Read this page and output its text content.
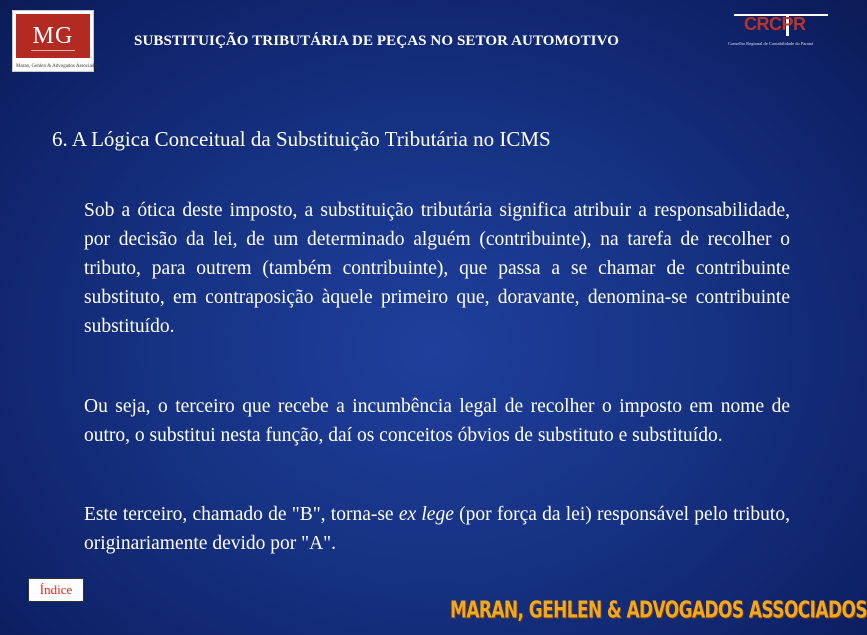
MG
Maran, Gehlen & Advogados Associados
SUBSTITUIÇÃO TRIBUTÁRIA DE PEÇAS NO SETOR AUTOMOTIVO
CRCPR
Conselho Regional de Contabilidade do Paraná
6. A Lógica Conceitual da Substituição Tributária no ICMS

Sob a ótica deste imposto, a substituição tributária significa atribuir a responsabilidade, por decisão da lei, de um determinado alguém (contribuinte), na tarefa de recolher o tributo, para outrem (também contribuinte), que passa a se chamar de contribuinte substituto, em contraposição àquele primeiro que, doravante, denomina-se contribuinte substituído.

Ou seja, o terceiro que recebe a incumbência legal de recolher o imposto em nome de outro, o substitui nesta função, daí os conceitos óbvios de substituto e substituído.

Este terceiro, chamado de "B", torna-se ex lege (por força da lei) responsável pelo tributo, originariamente devido por "A".

Índice
MARAN, GEHLEN & ADVOGADOS ASSOCIADOS
